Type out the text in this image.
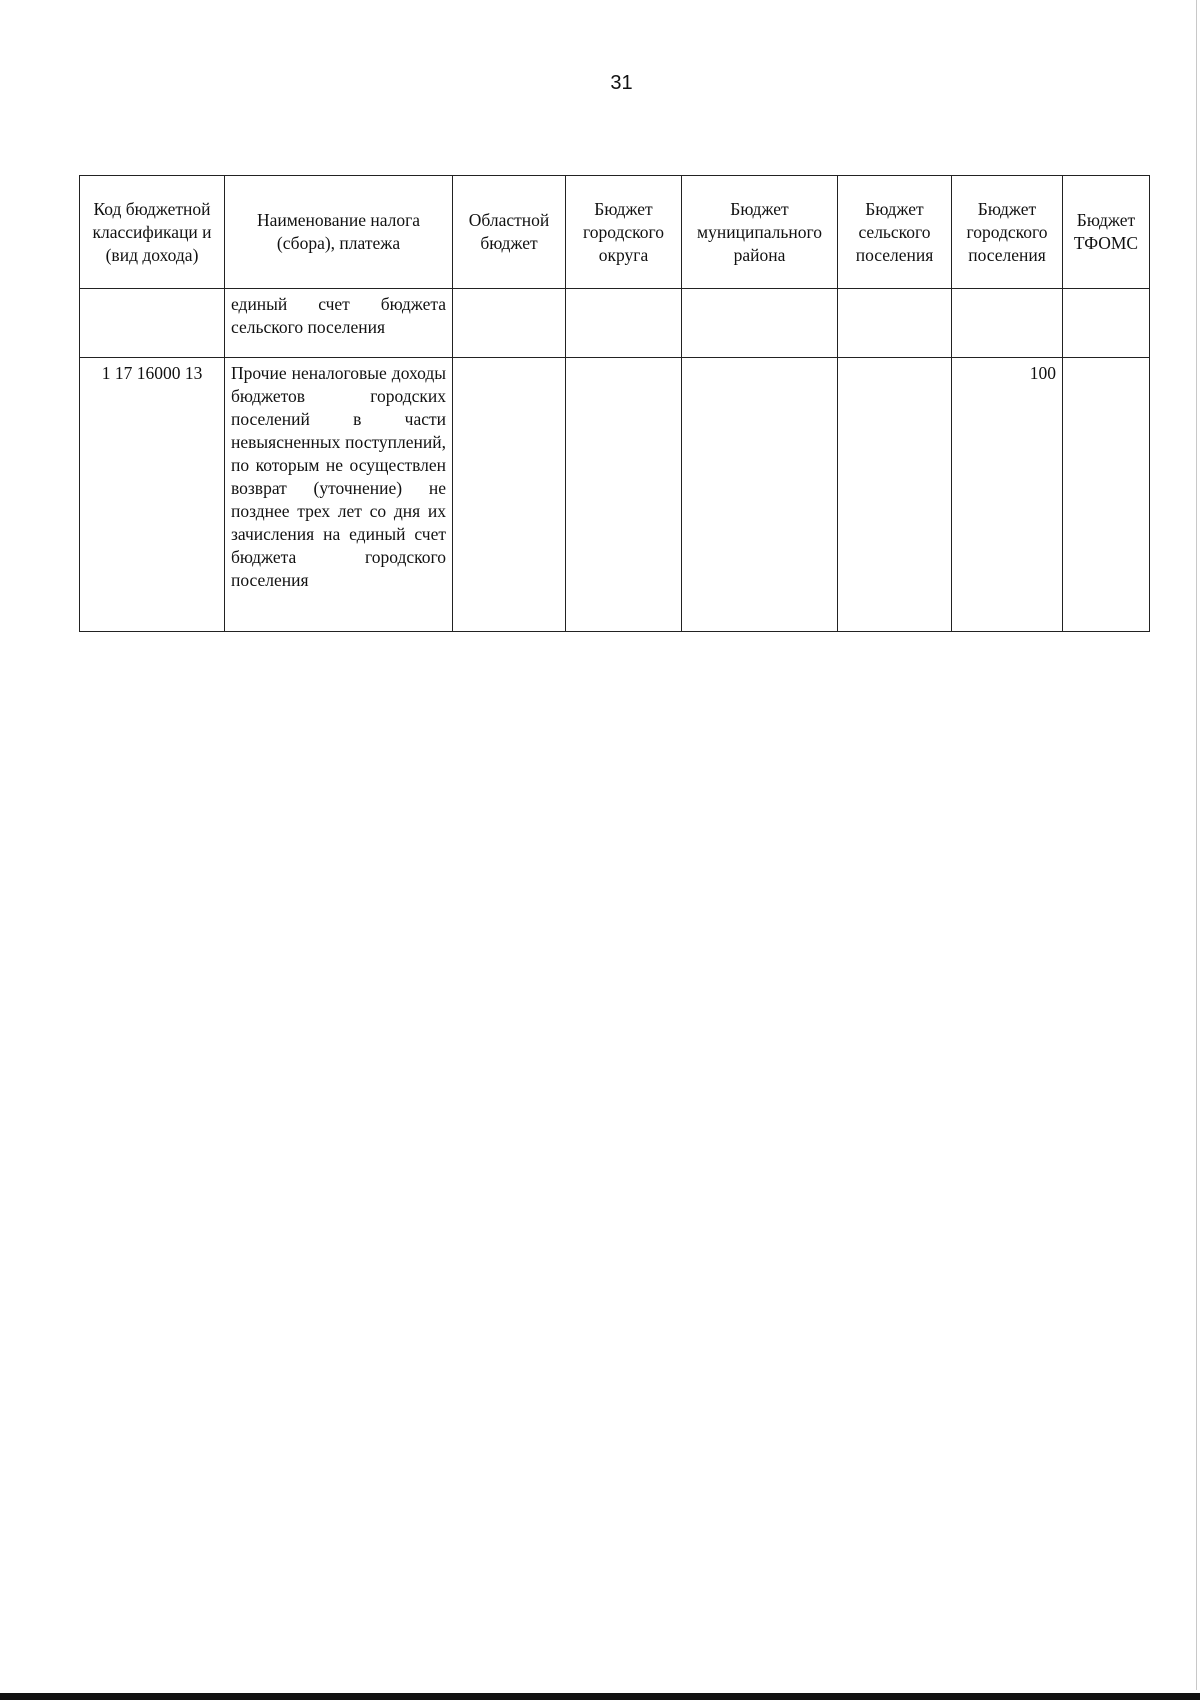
31
Код бюджетной классификаци и (вид дохода)	Наименование налога (сбора), платежа	Областной бюджет	Бюджет городского округа	Бюджет муниципального района	Бюджет сельского поселения	Бюджет городского поселения	Бюджет ТФОМС
	единый счет бюджета сельского поселения						
1 17 16000 13	Прочие неналоговые доходы бюджетов городских поселений в части невыясненных поступлений, по которым не осуществлен возврат (уточнение) не позднее трех лет со дня их зачисления на единый счет бюджета городского поселения					100	
